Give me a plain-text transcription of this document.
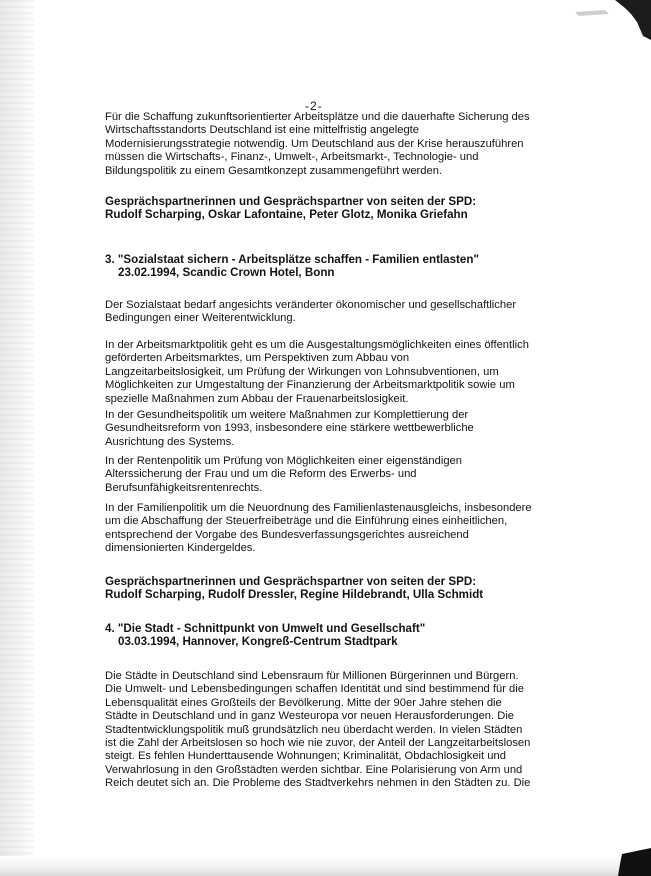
-2-

Für die Schaffung zukunftsorientierter Arbeitsplätze und die dauerhafte Sicherung des
Wirtschaftsstandorts Deutschland ist eine mittelfristig angelegte
Modernisierungsstrategie notwendig. Um Deutschland aus der Krise herauszuführen
müssen die Wirtschafts-, Finanz-, Umwelt-, Arbeitsmarkt-, Technologie- und
Bildungspolitik zu einem Gesamtkonzept zusammengeführt werden.

Gesprächspartnerinnen und Gesprächspartner von seiten der SPD:
Rudolf Scharping, Oskar Lafontaine, Peter Glotz, Monika Griefahn
3. "Sozialstaat sichern - Arbeitsplätze schaffen - Familien entlasten"
23.02.1994, Scandic Crown Hotel, Bonn

Der Sozialstaat bedarf angesichts veränderter ökonomischer und gesellschaftlicher
Bedingungen einer Weiterentwicklung.

In der Arbeitsmarktpolitik geht es um die Ausgestaltungsmöglichkeiten eines öffentlich
geförderten Arbeitsmarktes, um Perspektiven zum Abbau von
Langzeitarbeitslosigkeit, um Prüfung der Wirkungen von Lohnsubventionen, um
Möglichkeiten zur Umgestaltung der Finanzierung der Arbeitsmarktpolitik sowie um
spezielle Maßnahmen zum Abbau der Frauenarbeitslosigkeit.

In der Gesundheitspolitik um weitere Maßnahmen zur Komplettierung der
Gesundheitsreform von 1993, insbesondere eine stärkere wettbewerbliche
Ausrichtung des Systems.

In der Rentenpolitik um Prüfung von Möglichkeiten einer eigenständigen
Alterssicherung der Frau und um die Reform des Erwerbs- und
Berufsunfähigkeitsrentenrechts.

In der Familienpolitik um die Neuordnung des Familienlastenausgleichs, insbesondere
um die Abschaffung der Steuerfreibeträge und die Einführung eines einheitlichen,
entsprechend der Vorgabe des Bundesverfassungsgerichtes ausreichend
dimensionierten Kindergeldes.

Gesprächspartnerinnen und Gesprächspartner von seiten der SPD:
Rudolf Scharping, Rudolf Dressler, Regine Hildebrandt, Ulla Schmidt
4. "Die Stadt - Schnittpunkt von Umwelt und Gesellschaft"
03.03.1994, Hannover, Kongreß-Centrum Stadtpark

Die Städte in Deutschland sind Lebensraum für Millionen Bürgerinnen und Bürgern.
Die Umwelt- und Lebensbedingungen schaffen Identität und sind bestimmend für die
Lebensqualität eines Großteils der Bevölkerung. Mitte der 90er Jahre stehen die
Städte in Deutschland und in ganz Westeuropa vor neuen Herausforderungen. Die
Stadtentwicklungspolitik muß grundsätzlich neu überdacht werden. In vielen Städten
ist die Zahl der Arbeitslosen so hoch wie nie zuvor, der Anteil der Langzeitarbeitslosen
steigt. Es fehlen Hunderttausende Wohnungen; Kriminalität, Obdachlosigkeit und
Verwahrlosung in den Großstädten werden sichtbar. Eine Polarisierung von Arm und
Reich deutet sich an. Die Probleme des Stadtverkehrs nehmen in den Städten zu. Die
